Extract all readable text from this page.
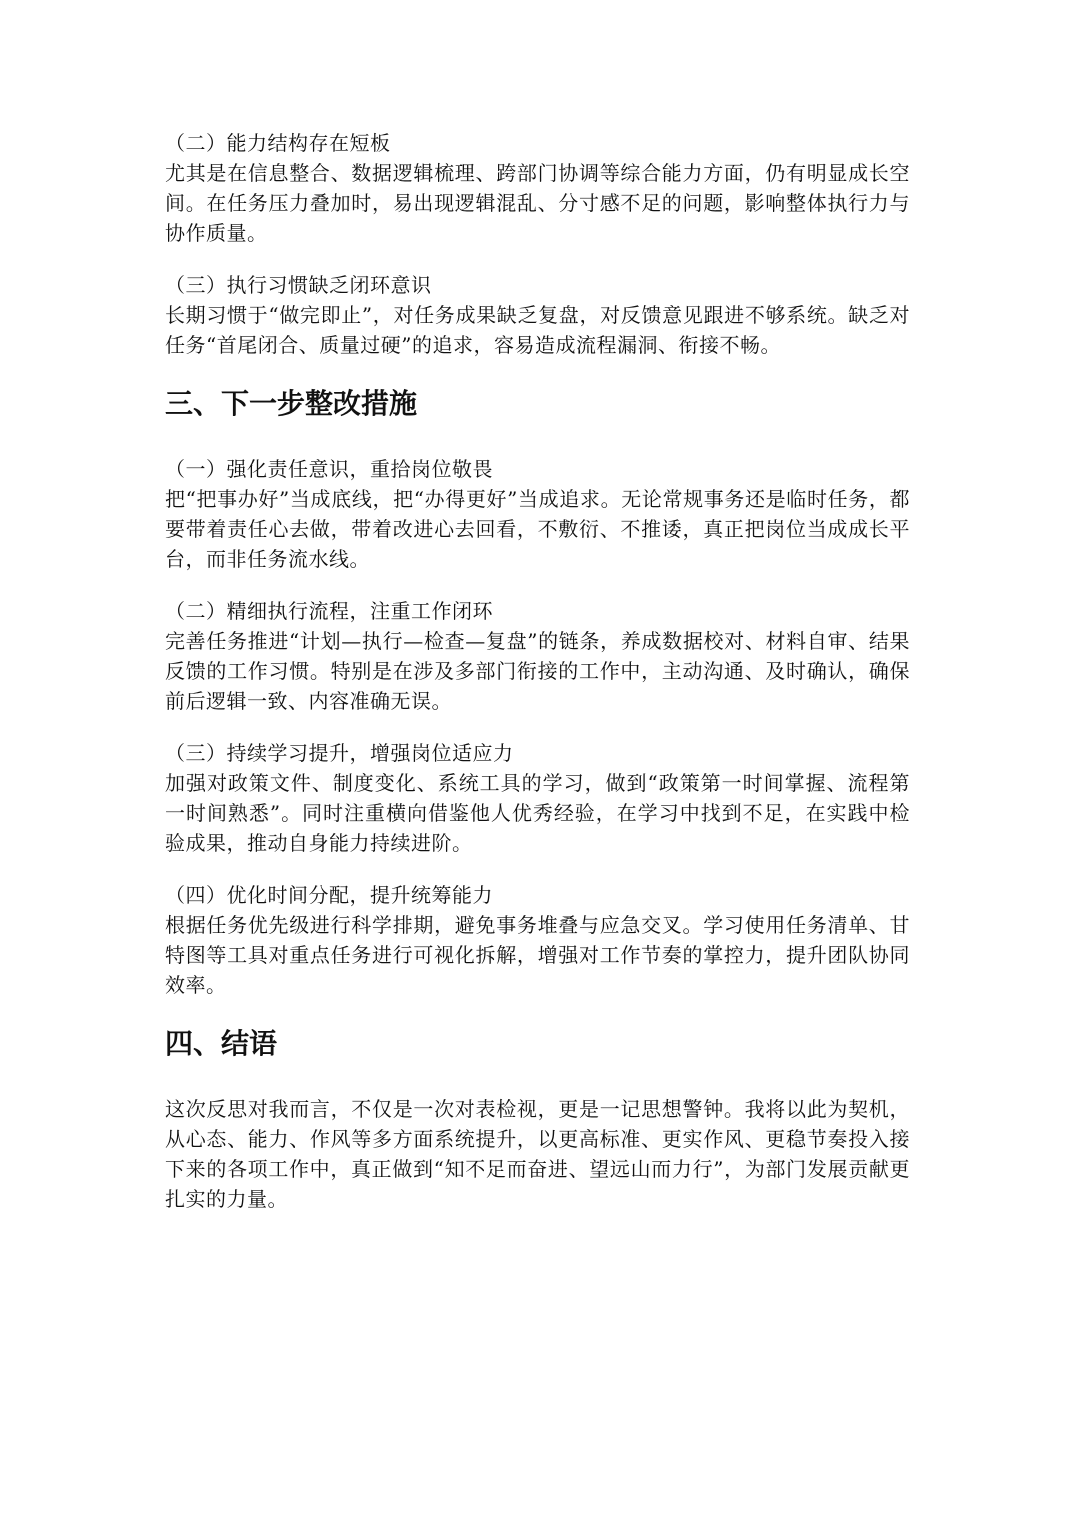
（二）能力结构存在短板

尤其是在信息整合、数据逻辑梳理、跨部门协调等综合能力方面，仍有明显成长空间。在任务压力叠加时，易出现逻辑混乱、分寸感不足的问题，影响整体执行力与协作质量。

（三）执行习惯缺乏闭环意识

长期习惯于“做完即止”，对任务成果缺乏复盘，对反馈意见跟进不够系统。缺乏对任务“首尾闭合、质量过硬”的追求，容易造成流程漏洞、衔接不畅。

三、下一步整改措施

（一）强化责任意识，重拾岗位敬畏

把“把事办好”当成底线，把“办得更好”当成追求。无论常规事务还是临时任务，都要带着责任心去做，带着改进心去回看，不敷衍、不推诿，真正把岗位当成成长平台，而非任务流水线。

（二）精细执行流程，注重工作闭环

完善任务推进“计划—执行—检查—复盘”的链条，养成数据校对、材料自审、结果反馈的工作习惯。特别是在涉及多部门衔接的工作中，主动沟通、及时确认，确保前后逻辑一致、内容准确无误。

（三）持续学习提升，增强岗位适应力

加强对政策文件、制度变化、系统工具的学习，做到“政策第一时间掌握、流程第一时间熟悉”。同时注重横向借鉴他人优秀经验，在学习中找到不足，在实践中检验成果，推动自身能力持续进阶。

（四）优化时间分配，提升统筹能力

根据任务优先级进行科学排期，避免事务堆叠与应急交叉。学习使用任务清单、甘特图等工具对重点任务进行可视化拆解，增强对工作节奏的掌控力，提升团队协同效率。

四、结语

这次反思对我而言，不仅是一次对表检视，更是一记思想警钟。我将以此为契机，从心态、能力、作风等多方面系统提升，以更高标准、更实作风、更稳节奏投入接下来的各项工作中，真正做到“知不足而奋进、望远山而力行”，为部门发展贡献更扎实的力量。
